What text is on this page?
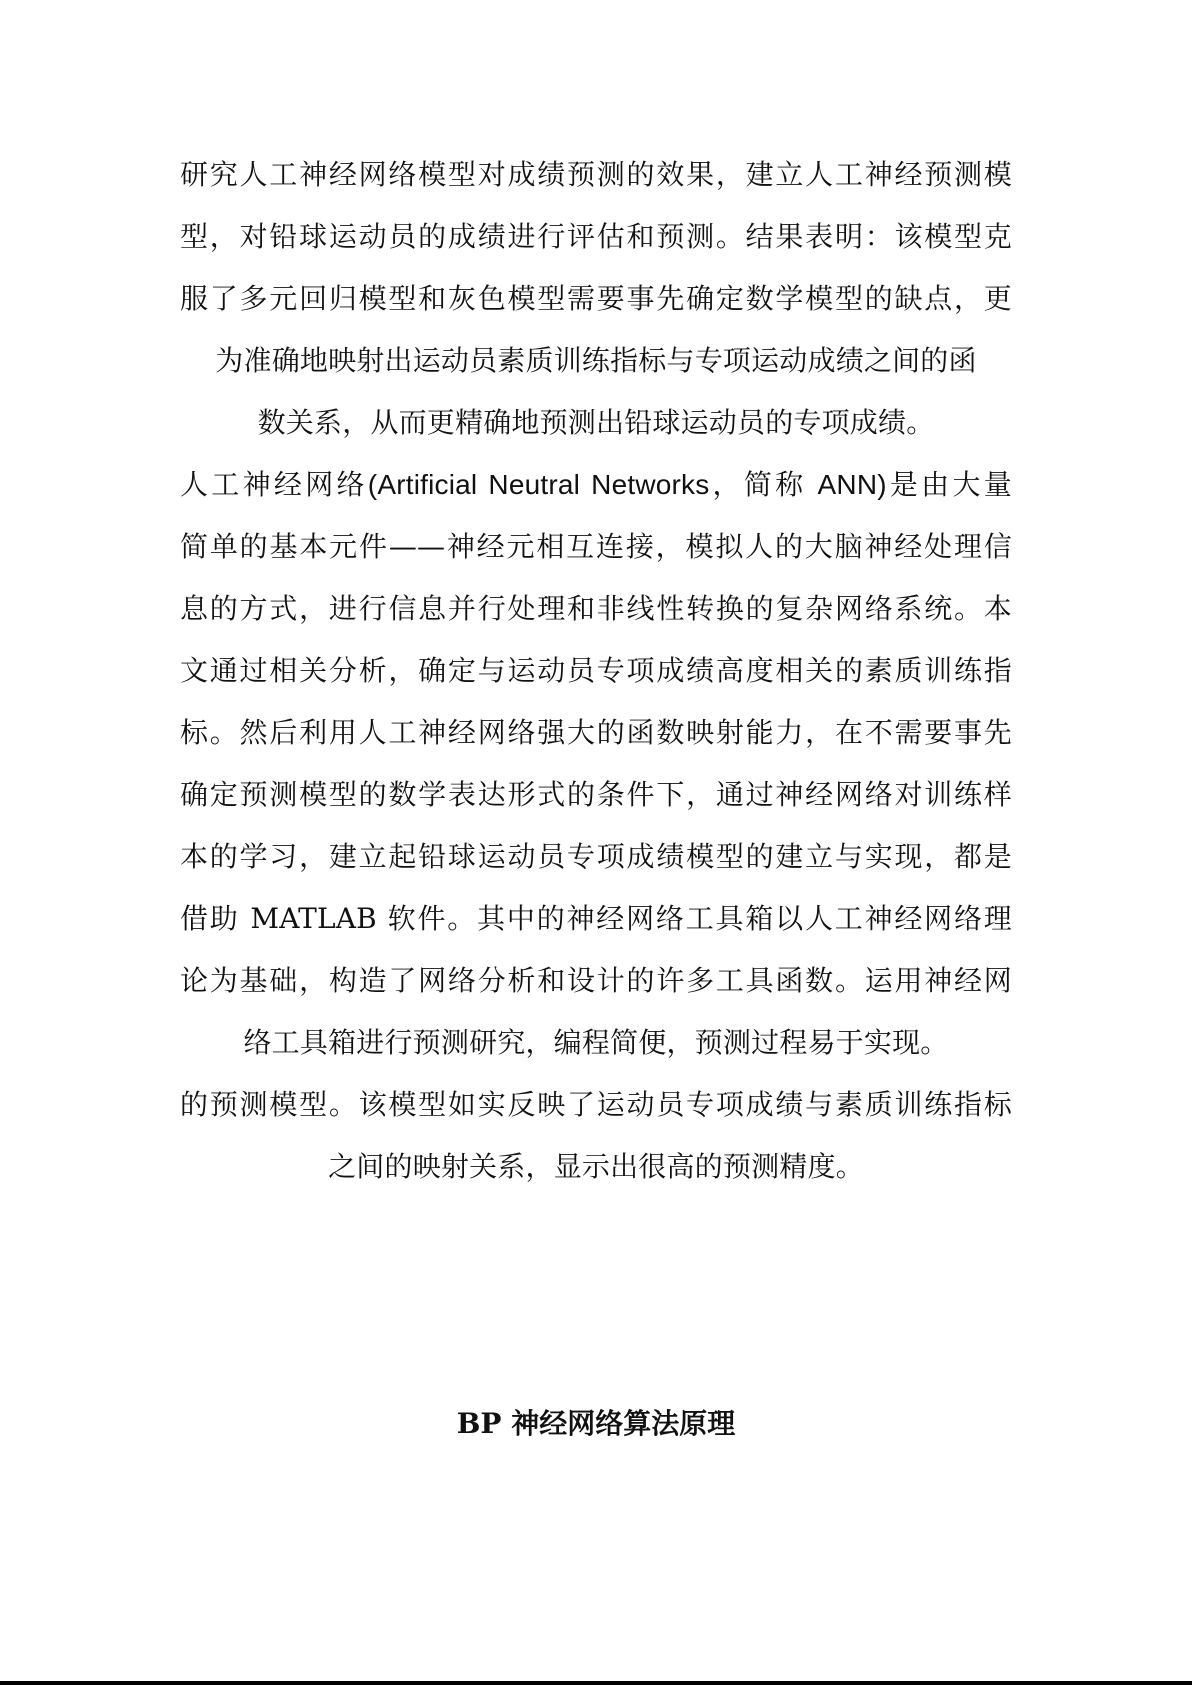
研究人工神经网络模型对成绩预测的效果，建立人工神经预测模
型，对铅球运动员的成绩进行评估和预测。结果表明：该模型克
服了多元回归模型和灰色模型需要事先确定数学模型的缺点，更
为准确地映射出运动员素质训练指标与专项运动成绩之间的函
数关系，从而更精确地预测出铅球运动员的专项成绩。
人工神经网络(Artificial Neutral Networks，简称 ANN)是由大量
简单的基本元件——神经元相互连接，模拟人的大脑神经处理信
息的方式，进行信息并行处理和非线性转换的复杂网络系统。本
文通过相关分析，确定与运动员专项成绩高度相关的素质训练指
标。然后利用人工神经网络强大的函数映射能力，在不需要事先
确定预测模型的数学表达形式的条件下，通过神经网络对训练样
本的学习，建立起铅球运动员专项成绩模型的建立与实现，都是
借助 MATLAB 软件。其中的神经网络工具箱以人工神经网络理
论为基础，构造了网络分析和设计的许多工具函数。运用神经网
络工具箱进行预测研究，编程简便，预测过程易于实现。
的预测模型。该模型如实反映了运动员专项成绩与素质训练指标
之间的映射关系，显示出很高的预测精度。
BP 神经网络算法原理
